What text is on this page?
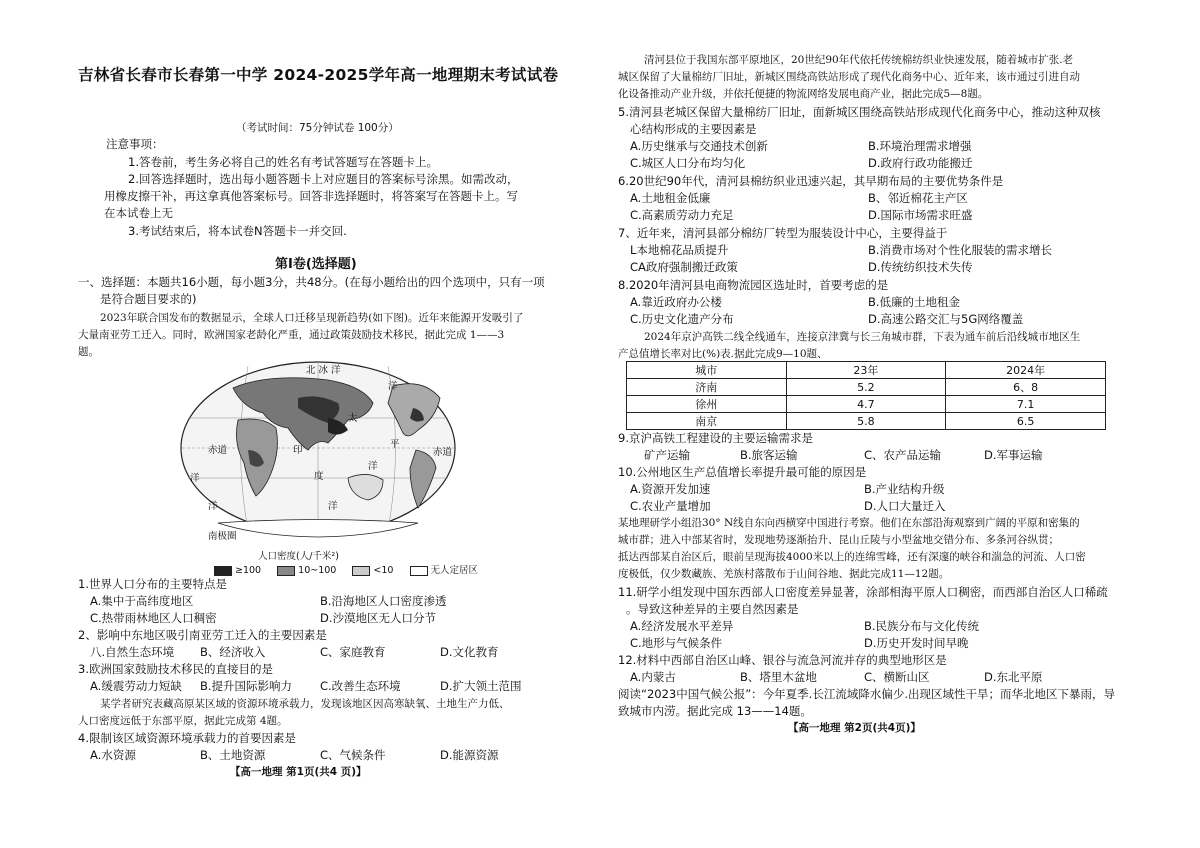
吉林省长春市长春第一中学 2024-2025学年高一地理期末考试试卷
（考试时间：75分钟试卷 100分）
注意事项：
1.答卷前，考生务必将自己的姓名有考试答题写在答题卡上。
2.回答选择题时，选出每小题答题卡上对应题目的答案标号涂黑。如需改动，
用橡皮擦干补，再这拿真他答案标号。回答非选择题时，将答案写在答题卡上。写
在本试卷上无
3.考试结束后，将本试卷N答题卡一并交回.
第Ⅰ卷(选择题)
一、选择题：本题共16小题，每小题3分，共48分。(在每小题给出的四个选项中，只有一项
是符合题目要求的)
2023年联合国发布的数据显示，全球人口迁移呈现新趋势(如下图)。近年来能源开发吸引了
大量南亚劳工迁入。同时，欧洲国家老龄化严重，通过政策鼓励技术移民，据此完成 1——3
题。
北 冰 洋
洋
太
平
洋
赤道	印
度
洋
洋
洋
赤道
南极圈
人口密度(人/千米²)
≥100	10~100	<10	无人定居区
1.世界人口分布的主要特点是
A.集中于高纬度地区	B.沿海地区人口密度渗透
C.热带雨林地区人口稠密	D.沙漠地区无人口分节
2、影响中东地区吸引南亚劳工迁入的主要因素是
八.自然生态环境 B、经济收入	C、家庭教育	D.文化教育
3.欧洲国家鼓励技术移民的直接目的是
A.缓震劳动力短缺 B.提升国际影响力 C.改善生态环境	D.扩大领土范围
某学者研究表藏高原某区域的资源环境承载力，发现该地区因高寒缺氧、土地生产力低、
人口密度远低于东部平原，据此完成第 4题。
4.限制该区域资源环境承载力的首要因素是
A.水资源	B、土地资源	C、气候条件	D.能源资源
【高一地理 第1页(共4 页)】
清河县位于我国东部平原地区，20世纪90年代依托传统棉纺织业快速发展，随着城市扩张.老
城区保留了大量棉纺厂旧址，新城区围绕高铁站形成了现代化商务中心、近年来，该市通过引进自动
化设备推动产业升级，并依托便捷的物流网络发展电商产业，据此完成5—8题。
5.清河县老城区保留大量棉纺厂旧址，面新城区围绕高铁站形成现代化商务中心，推动这种双核
心结构形成的主要因素是
A.历史继承与交通技术创新	B.环境治理需求增强
C.城区人口分布均匀化	D.政府行政功能搬迁
6.20世纪90年代，清河县棉纺织业迅速兴起，其早期布局的主要优势条件是
A.土地租金低廉	B、邻近棉花主产区
C.高素质劳动力充足	D.国际市场需求旺盛
7、近年来，清河县部分棉纺厂转型为服装设计中心，主要得益于
L本地棉花品质提升	B.消费市场对个性化服装的需求增长
CA政府强制搬迁政策	D.传统纺织技术失传
8.2020年清河县电商物流园区选址时，首要考虑的是
A.靠近政府办公楼	B.低廉的土地租金
C.历史文化遗产分布	D.高速公路交汇与5G网络覆盖
2024年京沪高铁二线全线通车，连接京津冀与长三角城市群，下表为通车前后沿线城市地区生
产总值增长率对比(%)表.据此完成9—10题、
城市	23年	2024年
济南	5.2	6、8
徐州	4.7	7.1
南京	5.8	6.5
9.京沪高铁工程建设的主要运输需求是
矿产运输	B.旅客运输	C、农产品运输	D.军事运输
10.公州地区生产总值增长率提升最可能的原因是
A.资源开发加速	B.产业结构升级
C.农业产量增加	D.人口大量迁入
某地理研学小组沿30° N线自东向西横穿中国进行考察。他们在东部沿海观察到广阔的平原和密集的
城市群；进入中部某省时，发现地势逐渐抬升、昆山丘陵与小型盆地交错分布、多条河谷纵贯；
抵达西部某自治区后，眼前呈现海拔4000米以上的连绵雪峰，还有深邃的峡谷和湍急的河流、人口密
度极低，仅少数藏族、羌族村落散布于山间谷地、据此完成11—12题。
11.研学小组发现中国东西部人口密度差异显著，涂部相海平原人口稠密，而西部自治区人口稀疏
。导致这种差异的主要自然因素是
A.经济发展水平差异	B.民族分布与文化传统
C.地形与气候条件	D.历史开发时间早晚
12.材料中西部自治区山峰、银谷与流急河流并存的典型地形区是
A.内蒙古	B、塔里木盆地	C、横断山区	D.东北平原
阅读“2023中国气候公报”：今年夏季.长江流域降水偏少.出现区域性干旱；而华北地区下暴雨，导
致城市内涝。据此完成 13——14题。
【高一地理 第2页(共4页)】
